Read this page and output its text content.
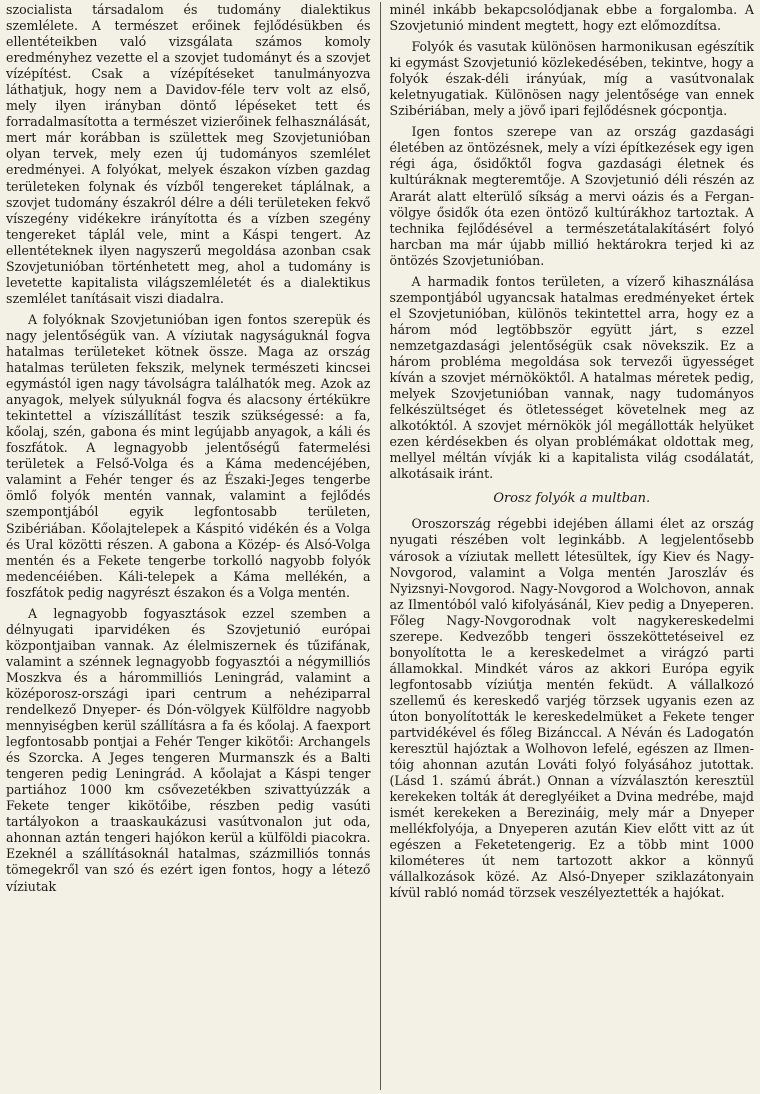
szocialista társadalom és tudomány dialektikus szemlélete. A természet erőinek fejlődésükben és ellentéteikben való vizsgálata számos komoly eredményhez vezette el a szovjet tudományt és a szovjet vízépítést. Csak a vízépítéseket tanulmányozva láthatjuk, hogy nem a Davidov-féle terv volt az első, mely ilyen irányban döntő lépéseket tett és forradalmasította a természet vizierőinek felhasználását, mert már korábban is születtek meg Szovjetunióban olyan tervek, mely ezen új tudományos szemlélet eredményei. A folyókat, melyek északon vízben gazdag területeken folynak és vízből tengereket táplálnak, a szovjet tudomány északról délre a déli területeken fekvő víszegény vidékekre irányította és a vízben szegény tengereket táplál vele, mint a Káspi tengert. Az ellentéteknek ilyen nagyszerű megoldása azonban csak Szovjetunióban történhetett meg, ahol a tudomány is levetette kapitalista világszemléletét és a dialektikus szemlélet tanításait viszi diadalra.

A folyóknak Szovjetunióban igen fontos szerepük és nagy jelentőségük van. A víziutak nagyságuknál fogva hatalmas területeket kötnek össze. Maga az ország hatalmas területen fekszik, melynek természeti kincsei egymástól igen nagy távolságra találhatók meg. Azok az anyagok, melyek súlyuknál fogva és alacsony értékükre tekintettel a víziszállítást teszik szükségessé: a fa, kőolaj, szén, gabona és mint legújabb anyagok, a káli és foszfátok. A legnagyobb jelentőségű fatermelési területek a Felső-Volga és a Káma medencéjében, valamint a Fehér tenger és az Északi-Jeges tengerbe ömlő folyók mentén vannak, valamint a fejlődés szempontjából egyik legfontosabb területen, Szibériában. Kőolajtelepek a Káspitó vidékén és a Volga és Ural közötti részen. A gabona a Közép- és Alsó-Volga mentén és a Fekete tengerbe torkolló nagyobb folyók medencéiében. Káli-telepek a Káma mellékén, a foszfátok pedig nagyrészt északon és a Volga mentén.

A legnagyobb fogyasztások ezzel szemben a délnyugati iparvidéken és Szovjetunió európai központjaiban vannak. Az élelmiszernek és tűzifának, valamint a szénnek legnagyobb fogyasztói a négymilliós Moszkva és a hárommilliós Leningrád, valamint a középorosz-országi ipari centrum a nehéziparral rendelkező Dnyeper- és Dón-völgyek Külföldre nagyobb mennyiségben kerül szállításra a fa és kőolaj. A faexport legfontosabb pontjai a Fehér Tenger kikötői: Archangels és Szorcka. A Jeges tengeren Murmanszk és a Balti tengeren pedig Leningrád. A kőolajat a Káspi tenger partiához 1000 km csővezetékben szivattyúzzák a Fekete tenger kikötőibe, részben pedig vasúti tartályokon a traaskaukázusi vasútvonalon jut oda, ahonnan aztán tengeri hajókon kerül a külföldi piacokra. Ezeknél a szállításoknál hatalmas, százmilliós tonnás tömegekről van szó és ezért igen fontos, hogy a létező víziutak

minél inkább bekapcsolódjanak ebbe a forgalomba. A Szovjetunió mindent megtett, hogy ezt előmozdítsa.

Folyók és vasutak különösen harmonikusan egészítik ki egymást Szovjetunió közlekedésében, tekintve, hogy a folyók észak-déli irányúak, míg a vasútvonalak keletnyugatiak. Különösen nagy jelentősége van ennek Szibériában, mely a jövő ipari fejlődésnek gócpontja.

Igen fontos szerepe van az ország gazdasági életében az öntözésnek, mely a vízi építkezések egy igen régi ága, ősidőktől fogva gazdasági életnek és kultúráknak megteremtője. A Szovjetunió déli részén az Ararát alatt elterülő síkság a mervi oázis és a Fergan-völgye ősidők óta ezen öntöző kultúrákhoz tartoztak. A technika fejlődésével a természetátalakításért folyó harcban ma már újabb millió hektárokra terjed ki az öntözés Szovjetunióban.

A harmadik fontos területen, a vízerő kihasználása szempontjából ugyancsak hatalmas eredményeket értek el Szovjetunióban, különös tekintettel arra, hogy ez a három mód legtöbbször együtt járt, s ezzel nemzetgazdasági jelentőségük csak növekszik. Ez a három probléma megoldása sok tervezői ügyességet kíván a szovjet mérnököktől. A hatalmas méretek pedig, melyek Szovjetunióban vannak, nagy tudományos felkészültséget és ötletességet követelnek meg az alkotóktól. A szovjet mérnökök jól megállották helyüket ezen kérdésekben és olyan problémákat oldottak meg, mellyel méltán vívják ki a kapitalista világ csodálatát, alkotásaik iránt.

Orosz folyók a multban.

Oroszország régebbi idejében állami élet az ország nyugati részében volt leginkább. A legjelentősebb városok a víziutak mellett létesültek, így Kiev és Nagy-Novgorod, valamint a Volga mentén Jaroszláv és Nyizsnyi-Novgorod. Nagy-Novgorod a Wolchovon, annak az Ilmentóból való kifolyásánál, Kiev pedig a Dnyeperen. Főleg Nagy-Novgorodnak volt nagykereskedelmi szerepe. Kedvezőbb tengeri összeköttetéseivel ez bonyolította le a kereskedelmet a virágzó parti államokkal. Mindkét város az akkori Európa egyik legfontosabb víziútja mentén feküdt. A vállalkozó szellemű és kereskedő varjég törzsek ugyanis ezen az úton bonyolították le kereskedelmüket a Fekete tenger partvidékével és főleg Bizánccal. A Néván és Ladogatón keresztül hajóztak a Wolhovon lefelé, egészen az Ilmen-tóig ahonnan azután Lováti folyó folyásához jutottak. (Lásd 1. számú ábrát.) Onnan a vízválasztón keresztül kerekeken tolták át dereglyéiket a Dvina medrébe, majd ismét kerekeken a Berezináig, mely már a Dnyeper mellékfolyója, a Dnyeperen azután Kiev előtt vitt az út egészen a Feketetengerig. Ez a több mint 1000 kilométeres út nem tartozott akkor a könnyű vállalkozások közé. Az Alsó-Dnyeper sziklazátonyain kívül rabló nomád törzsek veszélyeztették a hajókat.
